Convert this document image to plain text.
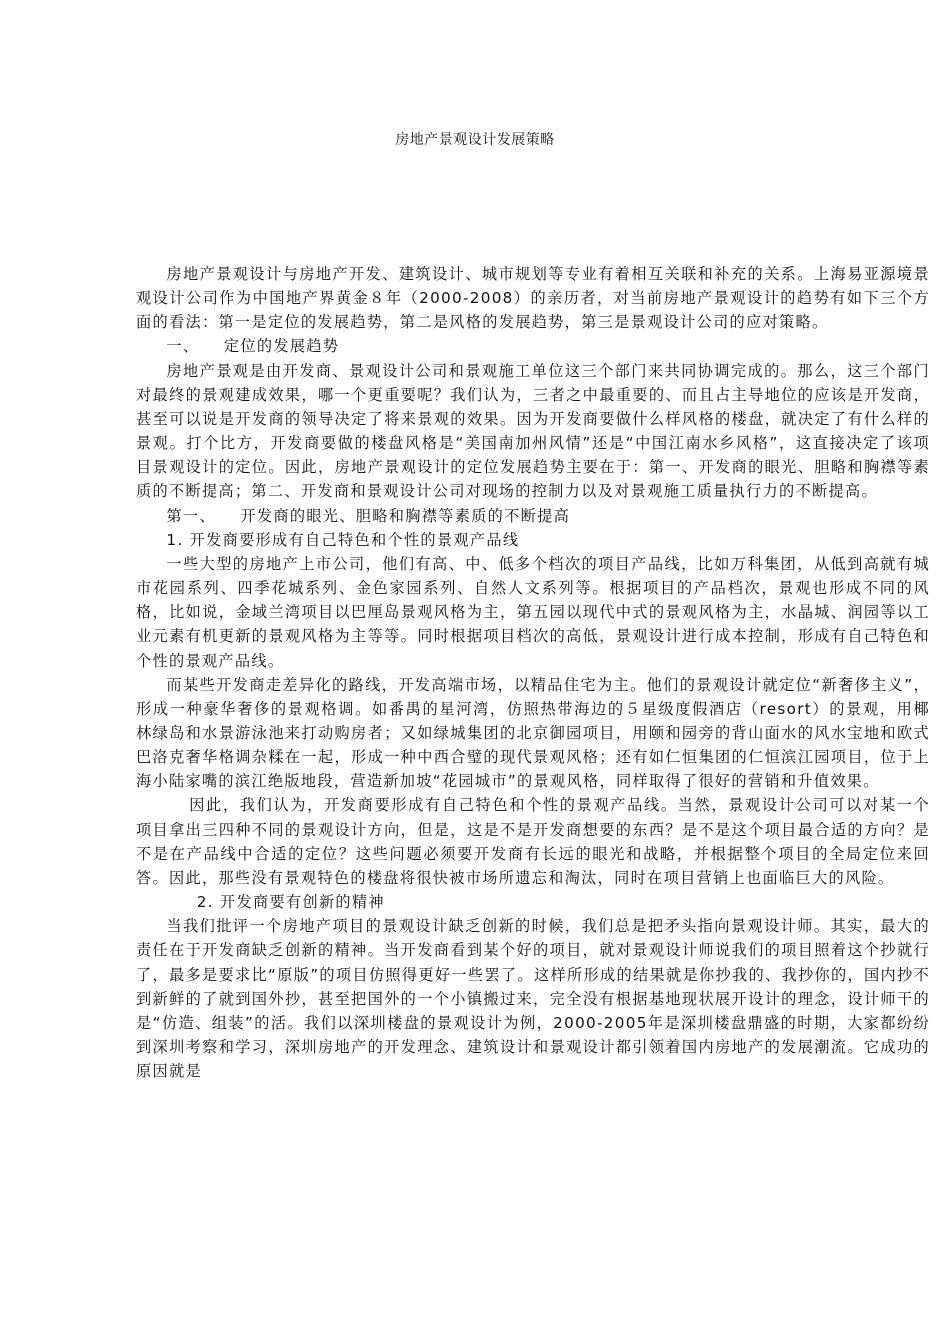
房地产景观设计发展策略

房地产景观设计与房地产开发、建筑设计、城市规划等专业有着相互关联和补充的关系。上海易亚源境景观设计公司作为中国地产界黄金８年（2000-2008）的亲历者，对当前房地产景观设计的趋势有如下三个方面的看法：第一是定位的发展趋势，第二是风格的发展趋势，第三是景观设计公司的应对策略。

一、    定位的发展趋势

房地产景观是由开发商、景观设计公司和景观施工单位这三个部门来共同协调完成的。那么，这三个部门对最终的景观建成效果，哪一个更重要呢？我们认为，三者之中最重要的、而且占主导地位的应该是开发商，甚至可以说是开发商的领导决定了将来景观的效果。因为开发商要做什么样风格的楼盘，就决定了有什么样的景观。打个比方，开发商要做的楼盘风格是“美国南加州风情”还是“中国江南水乡风格”，这直接决定了该项目景观设计的定位。因此，房地产景观设计的定位发展趋势主要在于：第一、开发商的眼光、胆略和胸襟等素质的不断提高；第二、开发商和景观设计公司对现场的控制力以及对景观施工质量执行力的不断提高。

第一、    开发商的眼光、胆略和胸襟等素质的不断提高

1. 开发商要形成有自己特色和个性的景观产品线

一些大型的房地产上市公司，他们有高、中、低多个档次的项目产品线，比如万科集团，从低到高就有城市花园系列、四季花城系列、金色家园系列、自然人文系列等。根据项目的产品档次，景观也形成不同的风格，比如说，金域兰湾项目以巴厘岛景观风格为主，第五园以现代中式的景观风格为主，水晶城、润园等以工业元素有机更新的景观风格为主等等。同时根据项目档次的高低，景观设计进行成本控制，形成有自己特色和个性的景观产品线。

而某些开发商走差异化的路线，开发高端市场，以精品住宅为主。他们的景观设计就定位“新奢侈主义”，形成一种豪华奢侈的景观格调。如番禺的星河湾，仿照热带海边的５星级度假酒店（resort）的景观，用椰林绿岛和水景游泳池来打动购房者；又如绿城集团的北京御园项目，用颐和园旁的背山面水的风水宝地和欧式巴洛克奢华格调杂糅在一起，形成一种中西合璧的现代景观风格；还有如仁恒集团的仁恒滨江园项目，位于上海小陆家嘴的滨江绝版地段，营造新加坡“花园城市”的景观风格，同样取得了很好的营销和升值效果。

因此，我们认为，开发商要形成有自己特色和个性的景观产品线。当然，景观设计公司可以对某一个项目拿出三四种不同的景观设计方向，但是，这是不是开发商想要的东西？是不是这个项目最合适的方向？是不是在产品线中合适的定位？这些问题必须要开发商有长远的眼光和战略，并根据整个项目的全局定位来回答。因此，那些没有景观特色的楼盘将很快被市场所遗忘和淘汰，同时在项目营销上也面临巨大的风险。

2. 开发商要有创新的精神

当我们批评一个房地产项目的景观设计缺乏创新的时候，我们总是把矛头指向景观设计师。其实，最大的责任在于开发商缺乏创新的精神。当开发商看到某个好的项目，就对景观设计师说我们的项目照着这个抄就行了，最多是要求比“原版”的项目仿照得更好一些罢了。这样所形成的结果就是你抄我的、我抄你的，国内抄不到新鲜的了就到国外抄，甚至把国外的一个小镇搬过来，完全没有根据基地现状展开设计的理念，设计师干的是“仿造、组装”的活。我们以深圳楼盘的景观设计为例，2000-2005年是深圳楼盘鼎盛的时期，大家都纷纷到深圳考察和学习，深圳房地产的开发理念、建筑设计和景观设计都引领着国内房地产的发展潮流。它成功的原因就是
